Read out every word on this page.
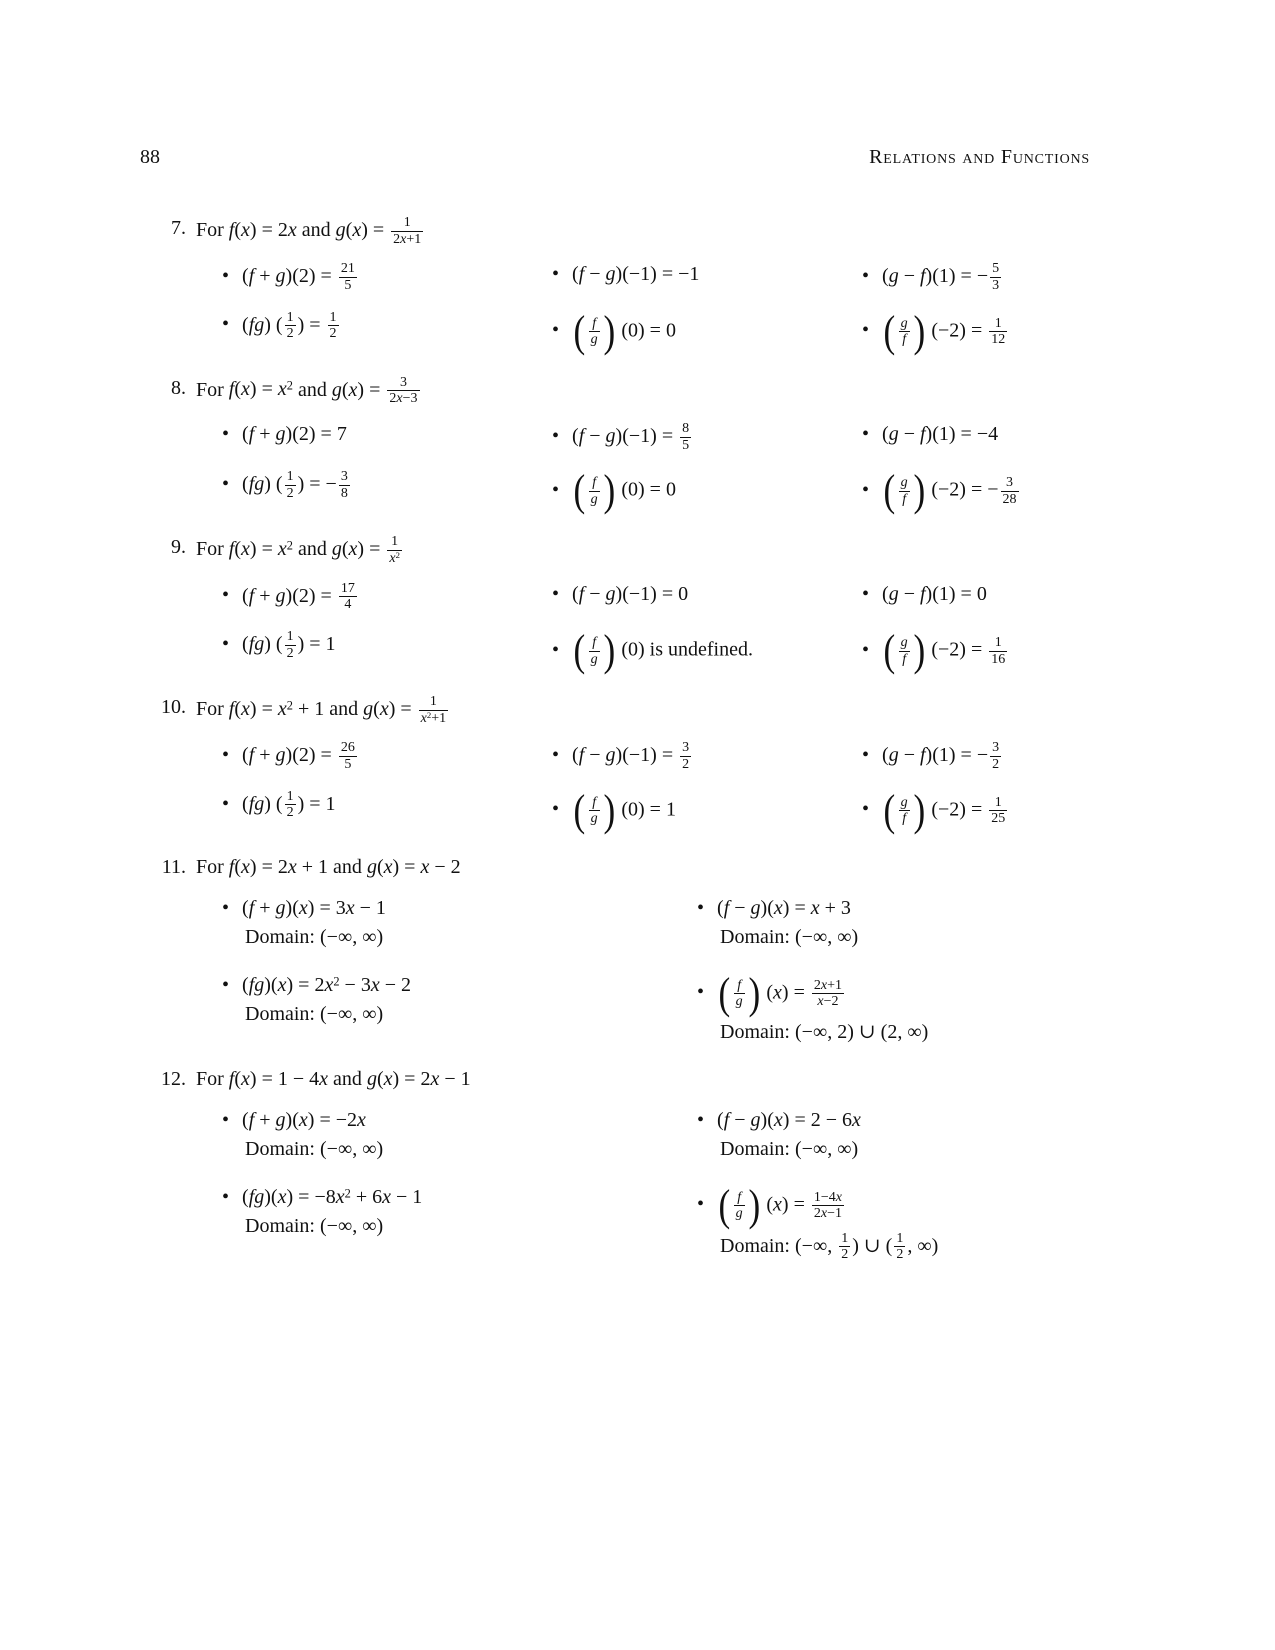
88	Relations and Functions
7. For f(x) = 2x and $g(x) = \frac{1}{2x+1}$
• $(f + g)(2) = \frac{21}{5}$	• (f − g)(−1) = −1	• (g − f)(1) = − $\frac{5}{3}$
• (fg) ( $\frac{1}{2}$ ) = $\frac{1}{2}$	• ( $\frac{f}{g}$ ) (0) = 0	• ( $\frac{g}{f}$ ) $(-2) = \frac{1}{12}$
8. For $f(x) = x^2$ and $g(x) = \frac{3}{2x-3}$
• (f + g)(2) = 7	• $(f - g)(-1) = \frac{8}{5}$	• (g − f)(1) = −4
• (fg) ( $\frac{1}{2}$ ) = − $\frac{3}{8}$	• ( $\frac{f}{g}$ ) (0) = 0	• ( $\frac{g}{f}$ ) (−2) = − $\frac{3}{28}$
9. For $f(x) = x^2$ and $g(x) = \frac{1}{x^2}$
• $(f + g)(2) = \frac{17}{4}$	• (f − g)(−1) = 0	• (g − f)(1) = 0
• (fg) ( $\frac{1}{2}$ ) = 1	• ( $\frac{f}{g}$ ) (0) is undefined.	• ( $\frac{g}{f}$ ) $(-2) = \frac{1}{16}$
10. For $f(x) = x^2 + 1$ and $g(x) = \frac{1}{x^2+1}$
• $(f + g)(2) = \frac{26}{5}$	• $(f - g)(-1) = \frac{3}{2}$	• (g − f)(1) = − $\frac{3}{2}$
• (fg) ( $\frac{1}{2}$ ) = 1	• ( $\frac{f}{g}$ ) (0) = 1	• ( $\frac{g}{f}$ ) $(-2) = \frac{1}{25}$
11. For f(x) = 2x + 1 and g(x) = x − 2
• (f + g)(x) = 3x − 1
Domain: (−∞, ∞)
• (f − g)(x) = x + 3
Domain: (−∞, ∞)
• $(fg)(x) = 2x^2 - 3x - 2$
Domain: (−∞, ∞)
• ( $\frac{f}{g}$ ) $(x) = \frac{2x+1}{x-2}$
Domain: (−∞, 2) ∪ (2, ∞)
12. For f(x) = 1 − 4x and g(x) = 2x − 1
• (f + g)(x) = −2x
Domain: (−∞, ∞)
• (f − g)(x) = 2 − 6x
Domain: (−∞, ∞)
• $(fg)(x) = -8x^2 + 6x - 1$
Domain: (−∞, ∞)
• ( $\frac{f}{g}$ ) $(x) = \frac{1-4x}{2x-1}$
Domain: (−∞, $\frac{1}{2}$ ) ∪ ( $\frac{1}{2}$ , ∞)
